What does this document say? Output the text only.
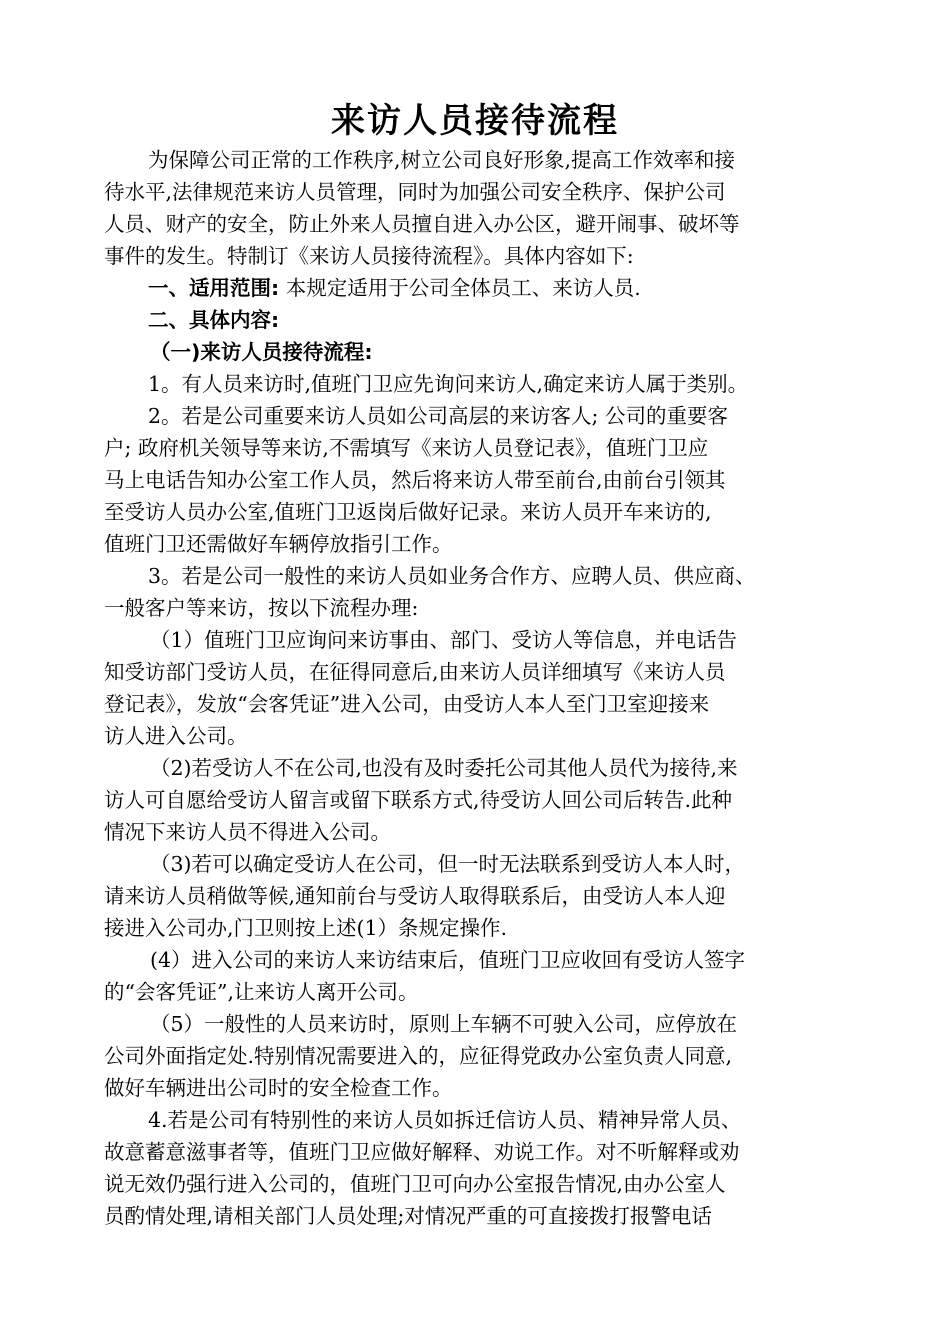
来访人员接待流程
为保障公司正常的工作秩序,树立公司良好形象,提高工作效率和接
待水平,法律规范来访人员管理，同时为加强公司安全秩序、保护公司
人员、财产的安全，防止外来人员擅自进入办公区，避开闹事、破坏等
事件的发生。特制订《来访人员接待流程》。具体内容如下:
一、适用范围: 本规定适用于公司全体员工、来访人员.
二、具体内容:
（一)来访人员接待流程:
1。有人员来访时,值班门卫应先询问来访人,确定来访人属于类别。
2。若是公司重要来访人员如公司高层的来访客人; 公司的重要客
户; 政府机关领导等来访,不需填写《来访人员登记表》，值班门卫应
马上电话告知办公室工作人员，然后将来访人带至前台,由前台引领其
至受访人员办公室,值班门卫返岗后做好记录。来访人员开车来访的,
值班门卫还需做好车辆停放指引工作。
3。若是公司一般性的来访人员如业务合作方、应聘人员、供应商、
一般客户等来访，按以下流程办理:
（1）值班门卫应询问来访事由、部门、受访人等信息，并电话告
知受访部门受访人员，在征得同意后,由来访人员详细填写《来访人员
登记表》，发放“会客凭证”进入公司，由受访人本人至门卫室迎接来
访人进入公司。
（2)若受访人不在公司,也没有及时委托公司其他人员代为接待,来
访人可自愿给受访人留言或留下联系方式,待受访人回公司后转告.此种
情况下来访人员不得进入公司。
（3)若可以确定受访人在公司，但一时无法联系到受访人本人时，
请来访人员稍做等候,通知前台与受访人取得联系后，由受访人本人迎
接进入公司办,门卫则按上述(1）条规定操作.
(4）进入公司的来访人来访结束后，值班门卫应收回有受访人签字
的“会客凭证”,让来访人离开公司。
（5）一般性的人员来访时，原则上车辆不可驶入公司，应停放在
公司外面指定处.特别情况需要进入的，应征得党政办公室负责人同意,
做好车辆进出公司时的安全检查工作。
4.若是公司有特别性的来访人员如拆迁信访人员、精神异常人员、
故意蓄意滋事者等，值班门卫应做好解释、劝说工作。对不听解释或劝
说无效仍强行进入公司的，值班门卫可向办公室报告情况,由办公室人
员酌情处理,请相关部门人员处理;对情况严重的可直接拨打报警电话
